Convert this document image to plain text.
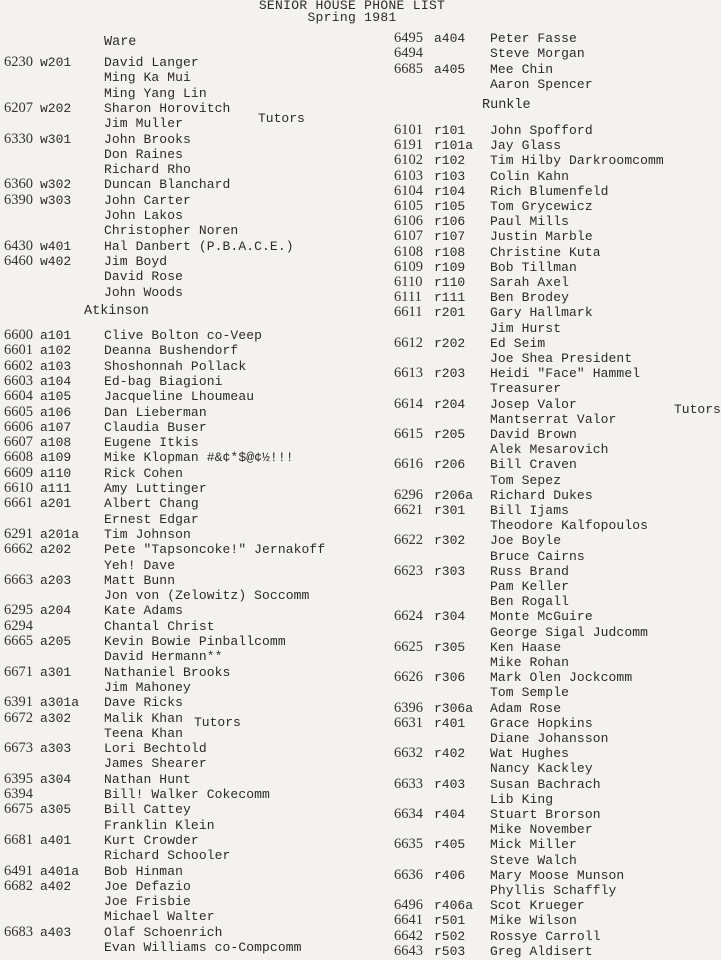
SENIOR HOUSE PHONE LIST
Spring 1981
Ware
6230 w201	David Langer
Ming Ka Mui
Ming Yang Lin
6207 w202	Sharon Horovitch
Jim Muller
6330 w301	John Brooks
Don Raines
Richard Rho
6360 w302	Duncan Blanchard
6390 w303	John Carter
John Lakos
Christopher Noren
6430 w401	Hal Danbert (P.B.A.C.E.)
6460 w402	Jim Boyd
David Rose
John Woods
Tutors
Atkinson
6600 a101	Clive Bolton co-Veep
6601 a102	Deanna Bushendorf
6602 a103	Shoshonnah Pollack
6603 a104	Ed-bag Biagioni
6604 a105	Jacqueline Lhoumeau
6605 a106	Dan Lieberman
6606 a107	Claudia Buser
6607 a108	Eugene Itkis
6608 a109	Mike Klopman #&¢*$@¢½!!!
6609 a110	Rick Cohen
6610 a111	Amy Luttinger
6661 a201	Albert Chang
Ernest Edgar
6291 a201a Tim Johnson
6662 a202	Pete "Tapsoncoke!" Jernakoff
Yeh! Dave
6663 a203	Matt Bunn
Jon von (Zelowitz) Soccomm
6295 a204	Kate Adams
6294	Chantal Christ
6665 a205	Kevin Bowie Pinballcomm
David Hermann**
6671 a301	Nathaniel Brooks
Jim Mahoney
6391 a301a Dave Ricks
6672 a302	Malik Khan
Teena Khan
6673 a303	Lori Bechtold
James Shearer
6395 a304	Nathan Hunt
6394	Bill! Walker Cokecomm
6675 a305	Bill Cattey
Franklin Klein
6681 a401	Kurt Crowder
Richard Schooler
6491 a401a Bob Hinman
6682 a402	Joe Defazio
Joe Frisbie
Michael Walter
6683 a403	Olaf Schoenrich
Evan Williams co-Compcomm
Tutors
6495 a404 Peter Fasse
6494	Steve Morgan
6685 a405 Mee Chin
Aaron Spencer
Runkle
6101 r101 John Spofford
6191 r101a Jay Glass
6102 r102 Tim Hilby Darkroomcomm
6103 r103 Colin Kahn
6104 r104 Rich Blumenfeld
6105 r105 Tom Grycewicz
6106 r106 Paul Mills
6107 r107 Justin Marble
6108 r108 Christine Kuta
6109 r109 Bob Tillman
6110 r110 Sarah Axel
6111 r111 Ben Brodey
6611 r201 Gary Hallmark
Jim Hurst
6612 r202 Ed Seim
Joe Shea President
6613 r203 Heidi "Face" Hammel
Treasurer
6614 r204 Josep Valor
Mantserrat Valor
6615 r205 David Brown
Alek Mesarovich
6616 r206 Bill Craven
Tom Sepez
6296 r206a Richard Dukes
6621 r301 Bill Ijams
Theodore Kalfopoulos
6622 r302 Joe Boyle
Bruce Cairns
6623 r303 Russ Brand
Pam Keller
Ben Rogall
6624 r304 Monte McGuire
George Sigal Judcomm
6625 r305 Ken Haase
Mike Rohan
6626 r306 Mark Olen Jockcomm
Tom Semple
6396 r306a Adam Rose
6631 r401 Grace Hopkins
Diane Johansson
6632 r402 Wat Hughes
Nancy Kackley
6633 r403 Susan Bachrach
Lib King
6634 r404 Stuart Brorson
Mike November
6635 r405 Mick Miller
Steve Walch
6636 r406 Mary Moose Munson
Phyllis Schaffly
6496 r406a Scot Krueger
6641 r501 Mike Wilson
6642 r502 Rossye Carroll
6643 r503 Greg Aldisert
Tutors
